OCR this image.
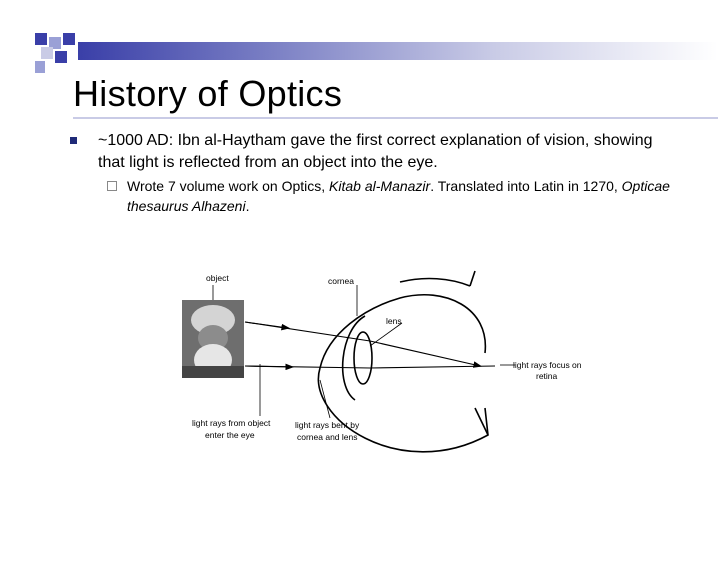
History of Optics
~1000 AD: Ibn al-Haytham gave the first correct explanation of vision, showing that light is reflected from an object into the eye.
Wrote 7 volume work on Optics, Kitab al-Manazir. Translated into Latin in 1270, Opticae thesaurus Alhazeni.
object	cornea
lens
light rays focus on
retina
light rays from object
enter the eye
light rays bent by
cornea and lens
